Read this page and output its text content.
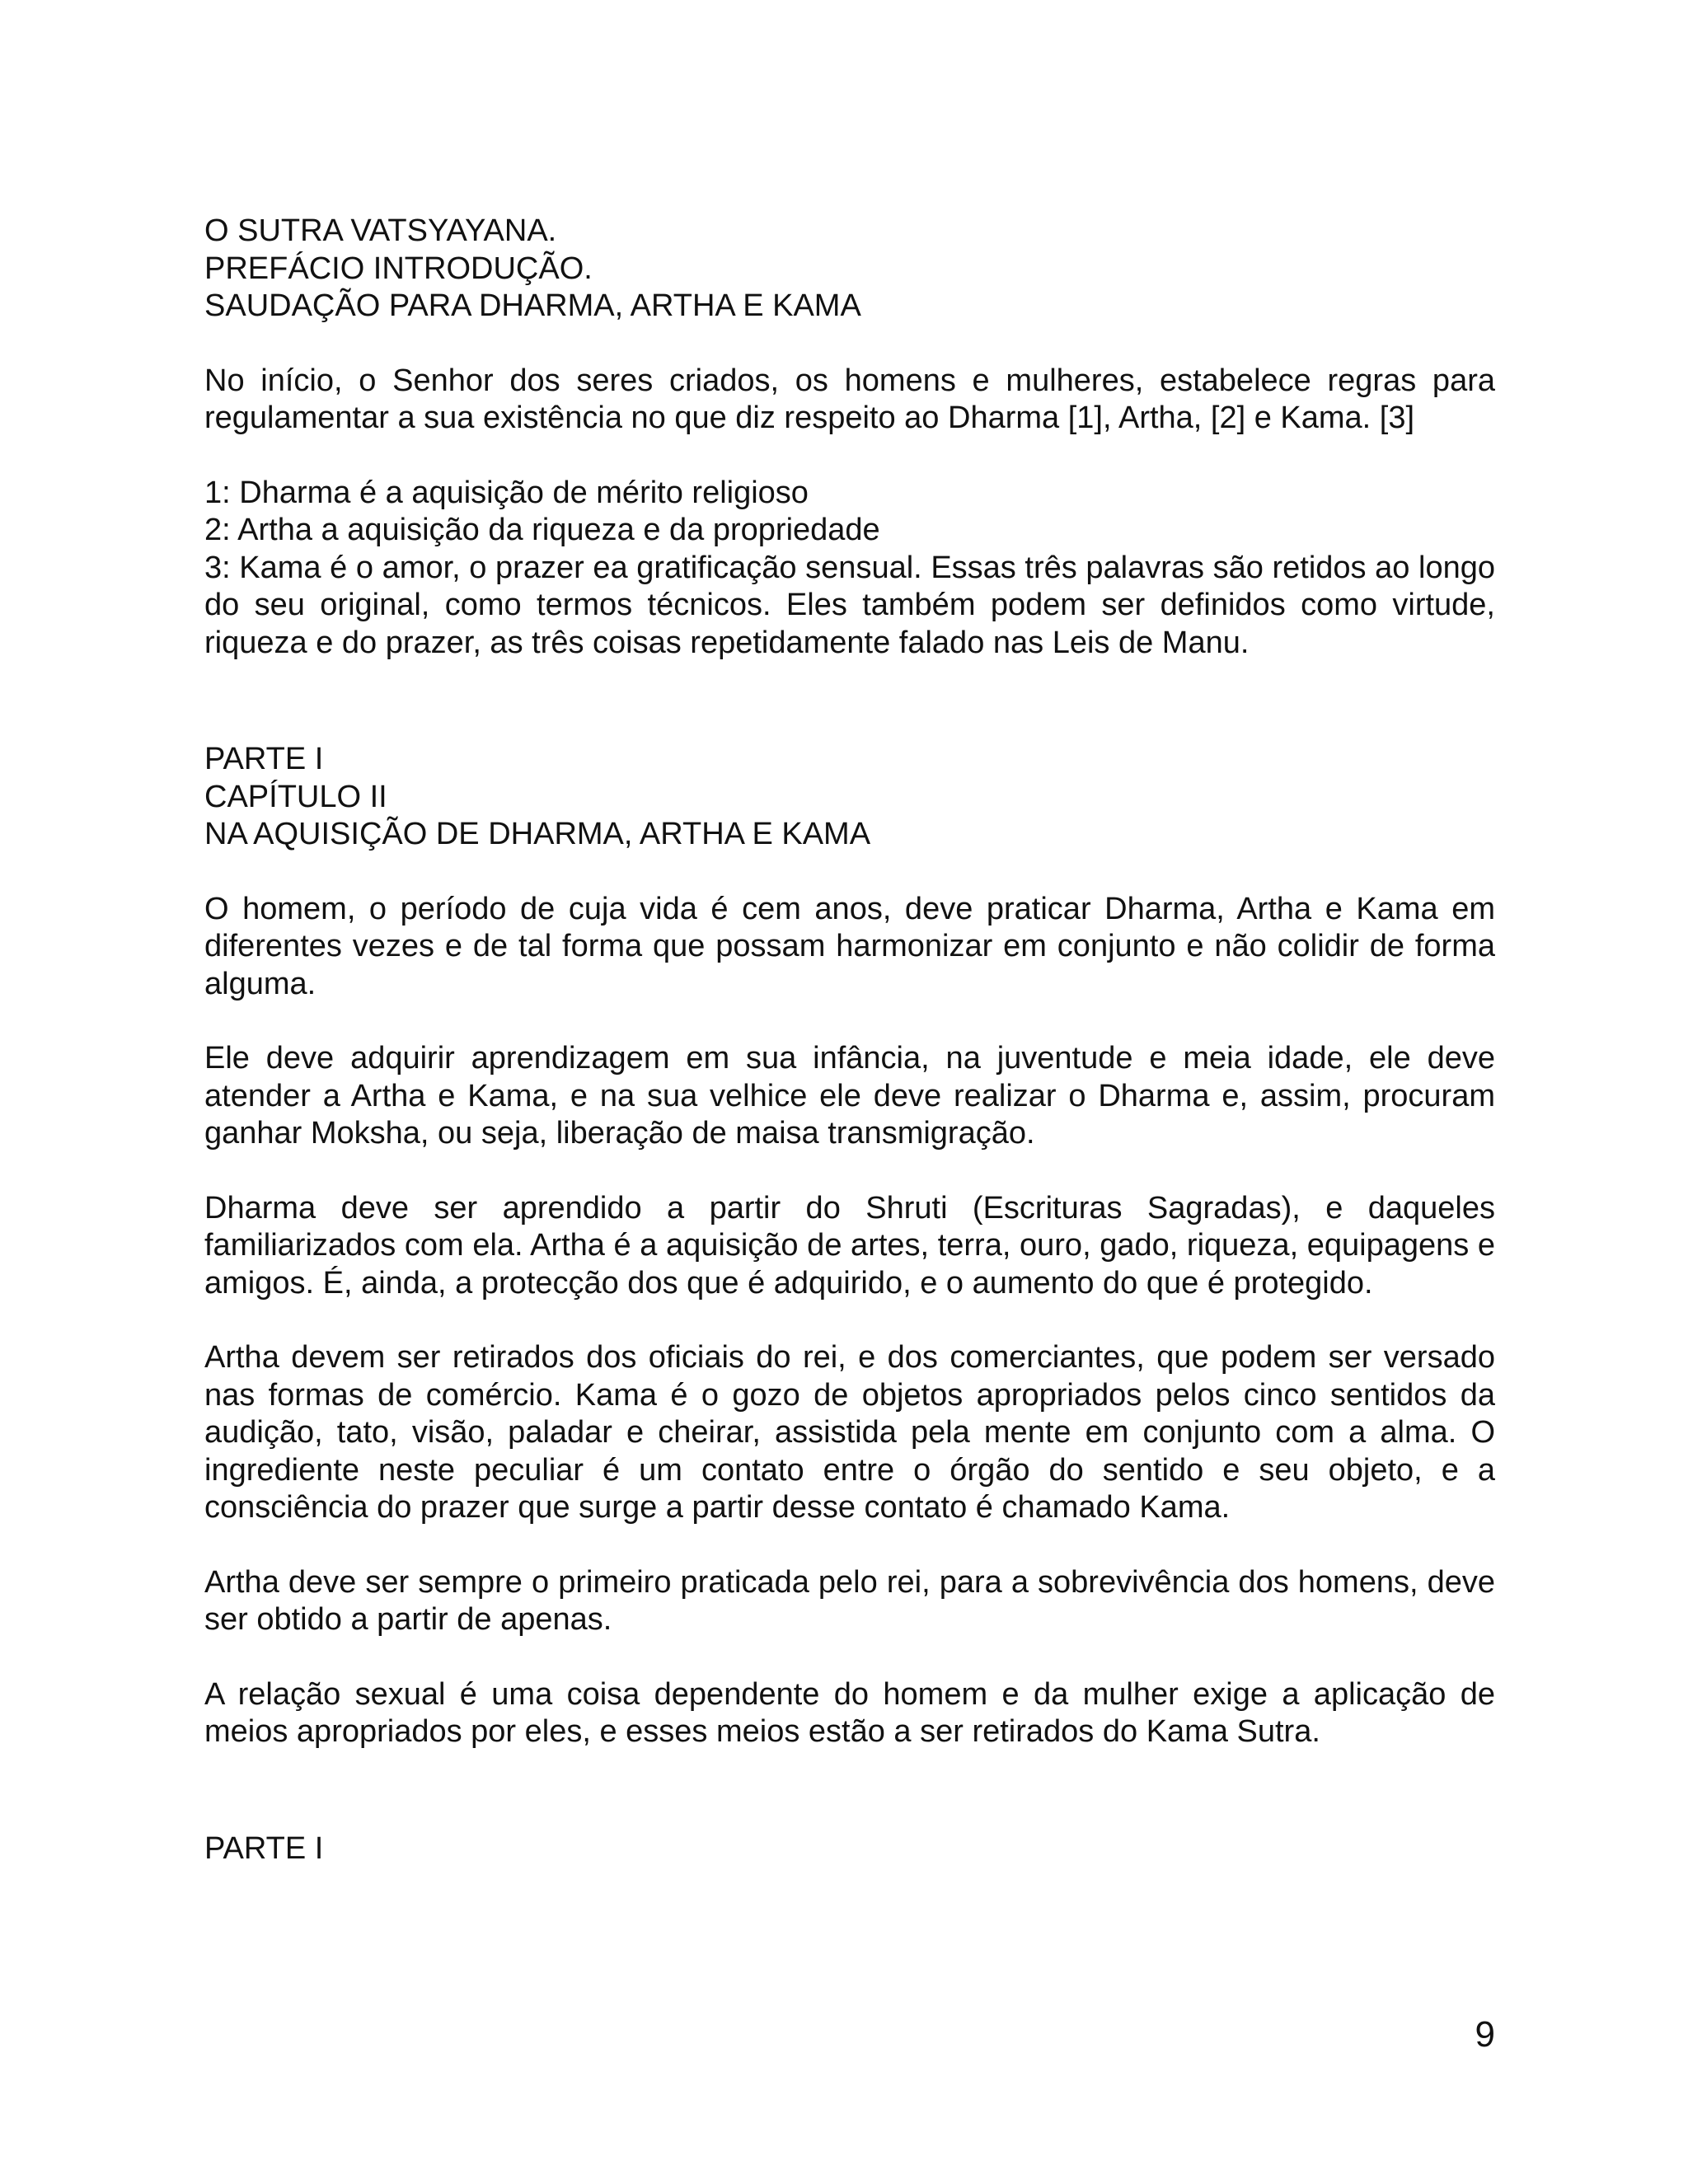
O SUTRA VATSYAYANA.
PREFÁCIO INTRODUÇÃO.
SAUDAÇÃO PARA DHARMA, ARTHA E KAMA

No início, o Senhor dos seres criados, os homens e mulheres, estabelece regras para regulamentar a sua existência no que diz respeito ao Dharma [1], Artha, [2] e Kama. [3]

1: Dharma é a aquisição de mérito religioso
2: Artha a aquisição da riqueza e da propriedade

3: Kama é o amor, o prazer ea gratificação sensual. Essas três palavras são retidos ao longo do seu original, como termos técnicos. Eles também podem ser definidos como virtude, riqueza e do prazer, as três coisas repetidamente falado nas Leis de Manu.

PARTE I
CAPÍTULO II
NA AQUISIÇÃO DE DHARMA, ARTHA E KAMA

O homem, o período de cuja vida é cem anos, deve praticar Dharma, Artha e Kama em diferentes vezes e de tal forma que possam harmonizar em conjunto e não colidir de forma alguma.

Ele deve adquirir aprendizagem em sua infância, na juventude e meia idade, ele deve atender a Artha e Kama, e na sua velhice ele deve realizar o Dharma e, assim, procuram ganhar Moksha, ou seja, liberação de maisa transmigração.

Dharma deve ser aprendido a partir do Shruti (Escrituras Sagradas), e daqueles familiarizados com ela. Artha é a aquisição de artes, terra, ouro, gado, riqueza, equipagens e amigos. É, ainda, a protecção dos que é adquirido, e o aumento do que é protegido.

Artha devem ser retirados dos oficiais do rei, e dos comerciantes, que podem ser versado nas formas de comércio. Kama é o gozo de objetos apropriados pelos cinco sentidos da audição, tato, visão, paladar e cheirar, assistida pela mente em conjunto com a alma. O ingrediente neste peculiar é um contato entre o órgão do sentido e seu objeto, e a consciência do prazer que surge a partir desse contato é chamado Kama.

Artha deve ser sempre o primeiro praticada pelo rei, para a sobrevivência dos homens, deve ser obtido a partir de apenas.

A relação sexual é uma coisa dependente do homem e da mulher exige a aplicação de meios apropriados por eles, e esses meios estão a ser retirados do Kama Sutra.

PARTE I
9
